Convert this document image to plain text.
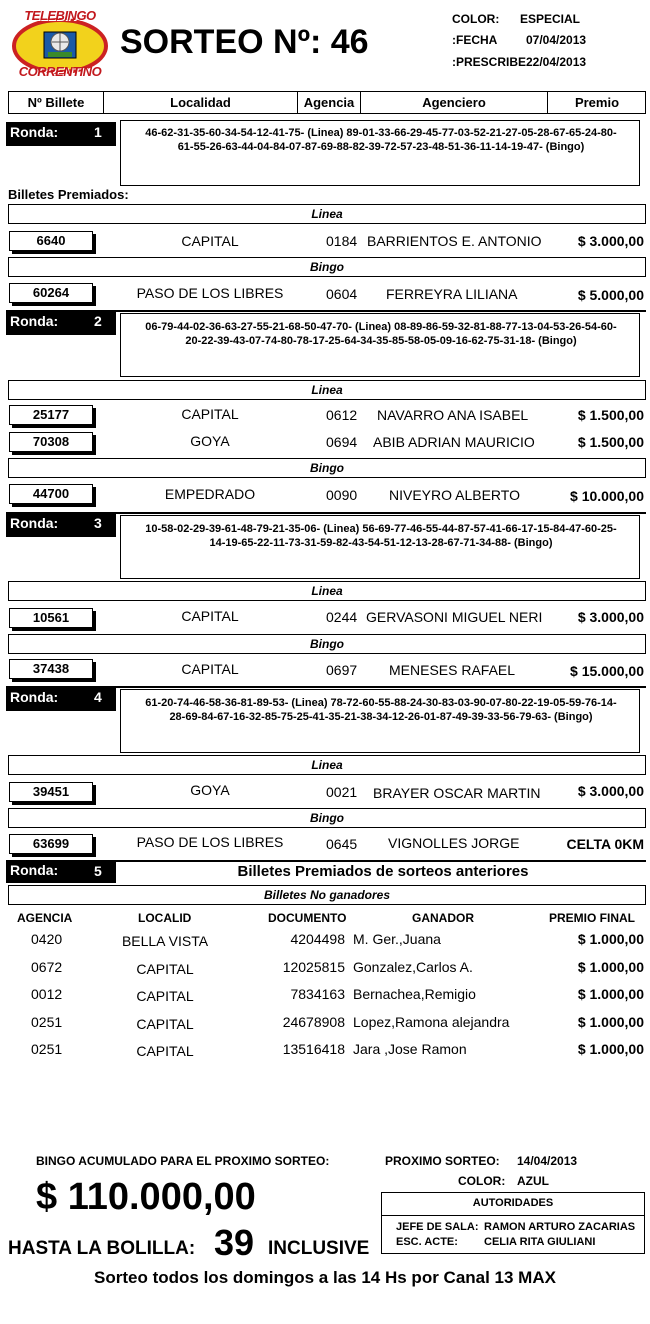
TELEBINGO
CORRENTINO
SORTEO Nº: 46
COLOR: ESPECIAL
:FECHA 07/04/2013
:PRESCRIBE 22/04/2013
Nº Billete	Localidad	Agencia	Agenciero	Premio
Ronda:	1	46-62-31-35-60-34-54-12-41-75- (Linea) 89-01-33-66-29-45-77-03-52-21-27-05-28-67-65-24-80-61-55-26-63-44-04-84-07-87-69-88-82-39-72-57-23-48-51-36-11-14-19-47- (Bingo)
Billetes Premiados:
Linea
6640	CAPITAL	0184 BARRIENTOS E. ANTONIO	$ 3.000,00
Bingo
60264	PASO DE LOS LIBRES	0604 FERREYRA LILIANA	$ 5.000,00
Ronda:	2	06-79-44-02-36-63-27-55-21-68-50-47-70- (Linea) 08-89-86-59-32-81-88-77-13-04-53-26-54-60-20-22-39-43-07-74-80-78-17-25-64-34-35-85-58-05-09-16-62-75-31-18- (Bingo)
Linea
25177	CAPITAL	0612 NAVARRO ANA ISABEL	$ 1.500,00
70308	GOYA	0694 ABIB ADRIAN MAURICIO	$ 1.500,00
Bingo
44700	EMPEDRADO	0090 NIVEYRO ALBERTO	$ 10.000,00
Ronda:	3	10-58-02-29-39-61-48-79-21-35-06- (Linea) 56-69-77-46-55-44-87-57-41-66-17-15-84-47-60-25-14-19-65-22-11-73-31-59-82-43-54-51-12-13-28-67-71-34-88- (Bingo)
Linea
10561	CAPITAL	0244 GERVASONI MIGUEL NERI	$ 3.000,00
Bingo
37438	CAPITAL	0697 MENESES RAFAEL	$ 15.000,00
Ronda:	4	61-20-74-46-58-36-81-89-53- (Linea) 78-72-60-55-88-24-30-83-03-90-07-80-22-19-05-59-76-14-28-69-84-67-16-32-85-75-25-41-35-21-38-34-12-26-01-87-49-39-33-56-79-63- (Bingo)
Linea
39451	GOYA	0021 BRAYER OSCAR MARTIN	$ 3.000,00
Bingo
63699	PASO DE LOS LIBRES	0645 VIGNOLLES JORGE	CELTA 0KM
Ronda:	5	Billetes Premiados de sorteos anteriores
Billetes No ganadores
AGENCIA	LOCALID	DOCUMENTO	GANADOR	PREMIO FINAL
0420	BELLA VISTA	4204498 M. Ger.,Juana	$ 1.000,00
0672	CAPITAL	12025815 Gonzalez,Carlos A.	$ 1.000,00
0012	CAPITAL	7834163 Bernachea,Remigio	$ 1.000,00
0251	CAPITAL	24678908 Lopez,Ramona alejandra	$ 1.000,00
0251	CAPITAL	13516418 Jara ,Jose Ramon	$ 1.000,00
BINGO ACUMULADO PARA EL PROXIMO SORTEO:
$ 110.000,00
HASTA LA BOLILLA: 39 INCLUSIVE
PROXIMO SORTEO: 14/04/2013
COLOR: AZUL
AUTORIDADES
JEFE DE SALA: RAMON ARTURO ZACARIAS
ESC. ACTE: CELIA RITA GIULIANI
Sorteo todos los domingos a las 14 Hs por Canal 13 MAX
